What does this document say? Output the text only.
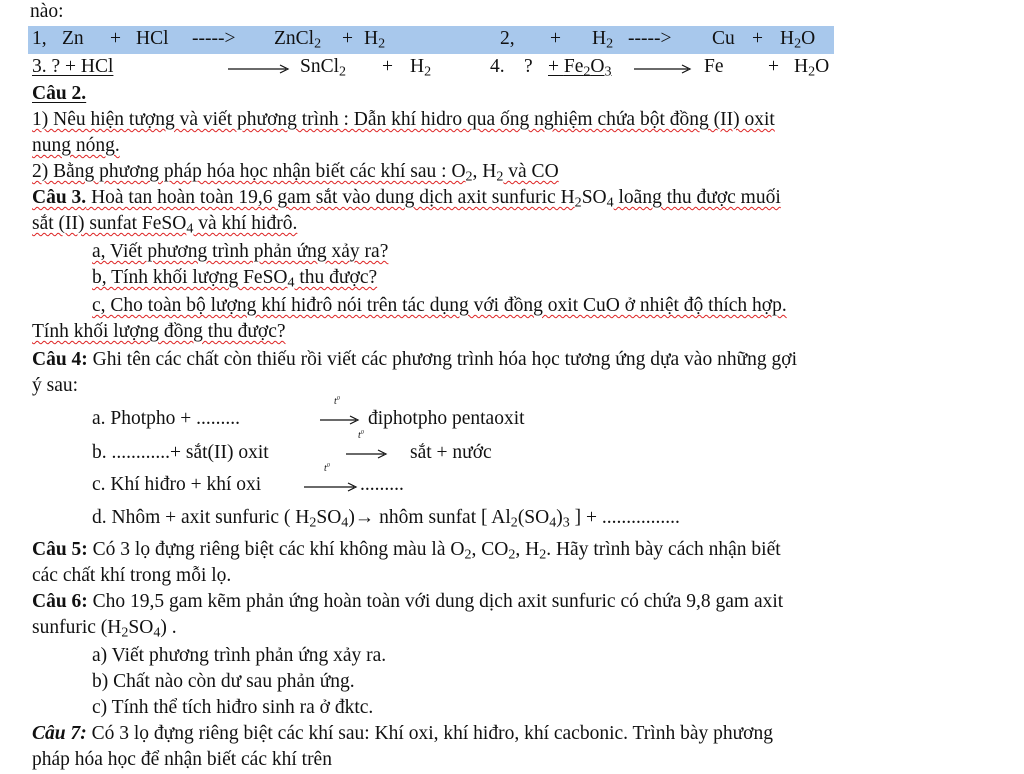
nào:
1, Zn + HCl -----> ZnCl$_2$ + $H_2$	2, + $H_2$ -----> $Cu + H_2O$
3. ? + HCl	SnCl$_2$ + $H_2$	4. ? + $Fe_2O_3$	$Fe + H_2O$
Câu 2.
1) Nêu hiện tượng và viết phương trình : Dẫn khí hidro qua ống nghiệm chứa bột đồng (II) oxit
nung nóng.
2) Bằng phương pháp hóa học nhận biết các khí sau : $O_2$, $H_2$ và CO
Câu 3. Hoà tan hoàn toàn 19,6 gam sắt vào dung dịch axit sunfuric $H_2SO_4$ loãng thu được muối
sắt (II) sunfat FeSO$_4$ và khí hiđrô.
a, Viết phương trình phản ứng xảy ra?
b, Tính khối lượng FeSO$_4$ thu được?
c, Cho toàn bộ lượng khí hiđrô nói trên tác dụng với đồng oxit CuO ở nhiệt độ thích hợp.
Tính khối lượng đồng thu được?
Câu 4: Ghi tên các chất còn thiếu rồi viết các phương trình hóa học tương ứng dựa vào những gợi
ý sau:
a. Photpho + .........
$t^0$
điphotpho pentaoxit
b. ............+ sắt(II) oxit
$t^0$
sắt + nước
c. Khí hiđro + khí oxi
$t^0$
.........
d. Nhôm + axit sunfuric ( $H_2SO_4)\to$ nhôm sunfat [ $Al_2(SO_4)_3$ ] + ................
Câu 5: Có 3 lọ đựng riêng biệt các khí không màu là $O_2$, $CO_2$, $H_2$. Hãy trình bày cách nhận biết
các chất khí trong mỗi lọ.
Câu 6: Cho 19,5 gam kẽm phản ứng hoàn toàn với dung dịch axit sunfuric có chứa 9,8 gam axit
sunfuric $(H_2SO_4)$ .
a) Viết phương trình phản ứng xảy ra.
b) Chất nào còn dư sau phản ứng.
c) Tính thể tích hiđro sinh ra ở đktc.
Câu 7: Có 3 lọ đựng riêng biệt các khí sau: Khí oxi, khí hiđro, khí cacbonic. Trình bày phương
pháp hóa học để nhận biết các khí trên
